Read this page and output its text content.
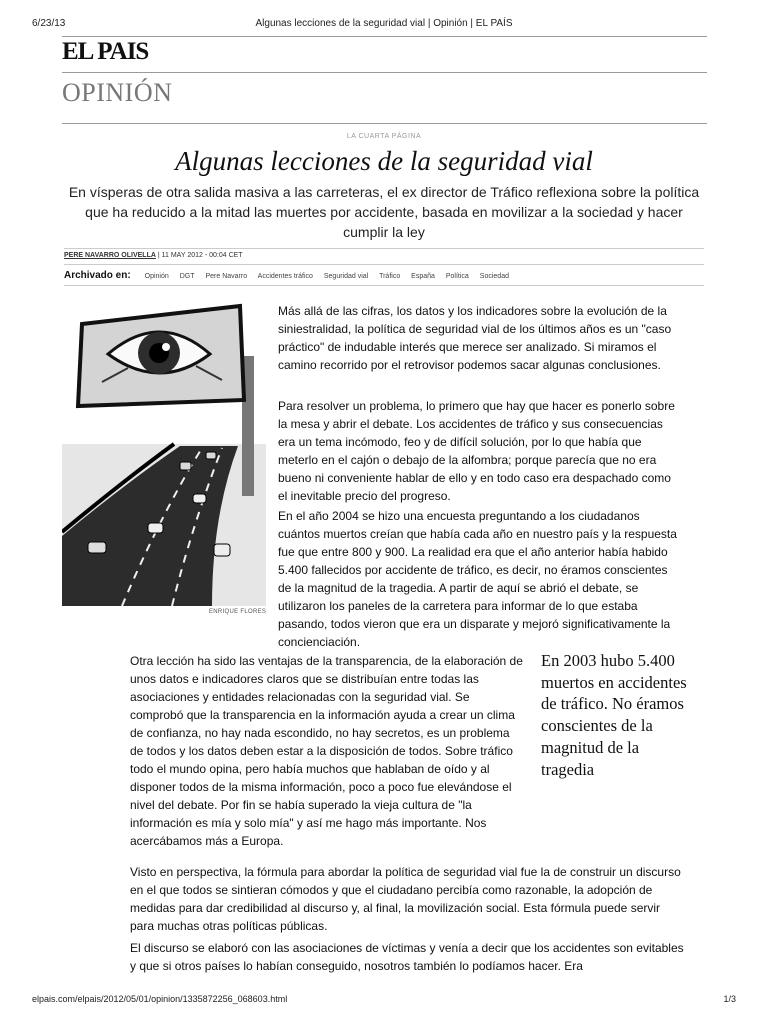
6/23/13	Algunas lecciones de la seguridad vial | Opinión | EL PAÍS
EL PAIS
OPINIÓN
LA CUARTA PÁGINA
Algunas lecciones de la seguridad vial
En vísperas de otra salida masiva a las carreteras, el ex director de Tráfico reflexiona sobre la política que ha reducido a la mitad las muertes por accidente, basada en movilizar a la sociedad y hacer cumplir la ley
PERE NAVARRO OLIVELLA | 11 MAY 2012 - 00:04 CET
Archivado en: Opinión DGT Pere Navarro Accidentes tráfico Seguridad vial Tráfico España Política Sociedad
ENRIQUE FLORES
Más allá de las cifras, los datos y los indicadores sobre la evolución de la siniestralidad, la política de seguridad vial de los últimos años es un "caso práctico" de indudable interés que merece ser analizado. Si miramos el camino recorrido por el retrovisor podemos sacar algunas conclusiones.
Para resolver un problema, lo primero que hay que hacer es ponerlo sobre la mesa y abrir el debate. Los accidentes de tráfico y sus consecuencias era un tema incómodo, feo y de difícil solución, por lo que había que meterlo en el cajón o debajo de la alfombra; porque parecía que no era bueno ni conveniente hablar de ello y en todo caso era despachado como el inevitable precio del progreso.
En el año 2004 se hizo una encuesta preguntando a los ciudadanos cuántos muertos creían que había cada año en nuestro país y la respuesta fue que entre 800 y 900. La realidad era que el año anterior había habido 5.400 fallecidos por accidente de tráfico, es decir, no éramos conscientes de la magnitud de la tragedia. A partir de aquí se abrió el debate, se utilizaron los paneles de la carretera para informar de lo que estaba pasando, todos vieron que era un disparate y mejoró significativamente la concienciación.
Otra lección ha sido las ventajas de la transparencia, de la elaboración de unos datos e indicadores claros que se distribuían entre todas las asociaciones y entidades relacionadas con la seguridad vial. Se comprobó que la transparencia en la información ayuda a crear un clima de confianza, no hay nada escondido, no hay secretos, es un problema de todos y los datos deben estar a la disposición de todos. Sobre tráfico todo el mundo opina, pero había muchos que hablaban de oído y al disponer todos de la misma información, poco a poco fue elevándose el nivel del debate. Por fin se había superado la vieja cultura de "la información es mía y solo mía" y así me hago más importante. Nos acercábamos más a Europa.
En 2003 hubo 5.400 muertos en accidentes de tráfico. No éramos conscientes de la magnitud de la tragedia
Visto en perspectiva, la fórmula para abordar la política de seguridad vial fue la de construir un discurso en el que todos se sintieran cómodos y que el ciudadano percibía como razonable, la adopción de medidas para dar credibilidad al discurso y, al final, la movilización social. Esta fórmula puede servir para muchas otras políticas públicas.
El discurso se elaboró con las asociaciones de víctimas y venía a decir que los accidentes son evitables y que si otros países lo habían conseguido, nosotros también lo podíamos hacer. Era
elpais.com/elpais/2012/05/01/opinion/1335872256_068603.html	1/3
